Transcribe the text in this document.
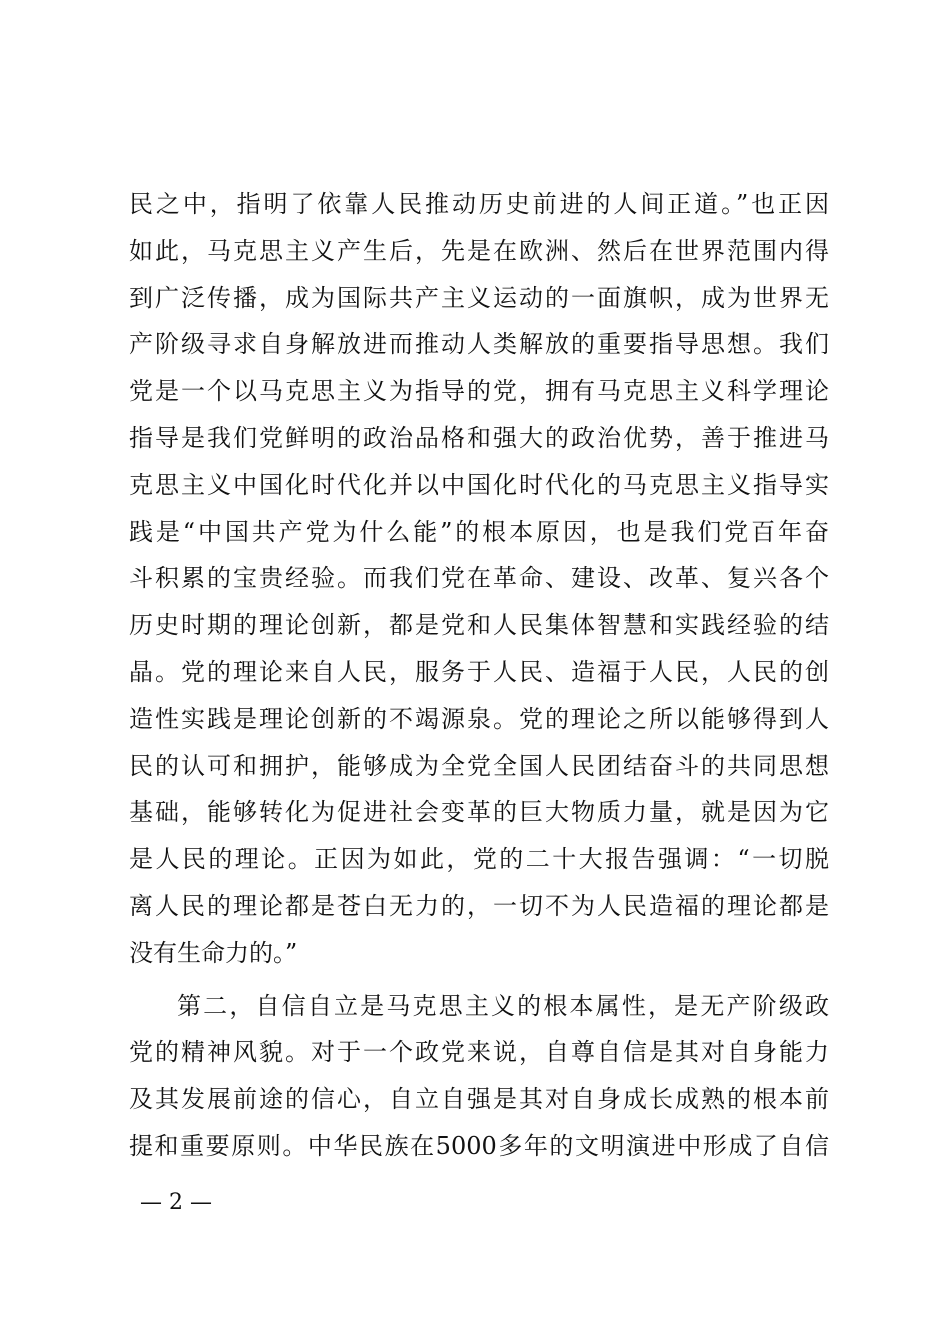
民之中，指明了依靠人民推动历史前进的人间正道。”也正因
如此，马克思主义产生后，先是在欧洲、然后在世界范围内得
到广泛传播，成为国际共产主义运动的一面旗帜，成为世界无
产阶级寻求自身解放进而推动人类解放的重要指导思想。我们
党是一个以马克思主义为指导的党，拥有马克思主义科学理论
指导是我们党鲜明的政治品格和强大的政治优势，善于推进马
克思主义中国化时代化并以中国化时代化的马克思主义指导实
践是“中国共产党为什么能”的根本原因，也是我们党百年奋
斗积累的宝贵经验。而我们党在革命、建设、改革、复兴各个
历史时期的理论创新，都是党和人民集体智慧和实践经验的结
晶。党的理论来自人民，服务于人民、造福于人民，人民的创
造性实践是理论创新的不竭源泉。党的理论之所以能够得到人
民的认可和拥护，能够成为全党全国人民团结奋斗的共同思想
基础，能够转化为促进社会变革的巨大物质力量，就是因为它
是人民的理论。正因为如此，党的二十大报告强调：“一切脱
离人民的理论都是苍白无力的，一切不为人民造福的理论都是
没有生命力的。”
第二，自信自立是马克思主义的根本属性，是无产阶级政
党的精神风貌。对于一个政党来说，自尊自信是其对自身能力
及其发展前途的信心，自立自强是其对自身成长成熟的根本前
提和重要原则。中华民族在5000多年的文明演进中形成了自信
— 2 —
